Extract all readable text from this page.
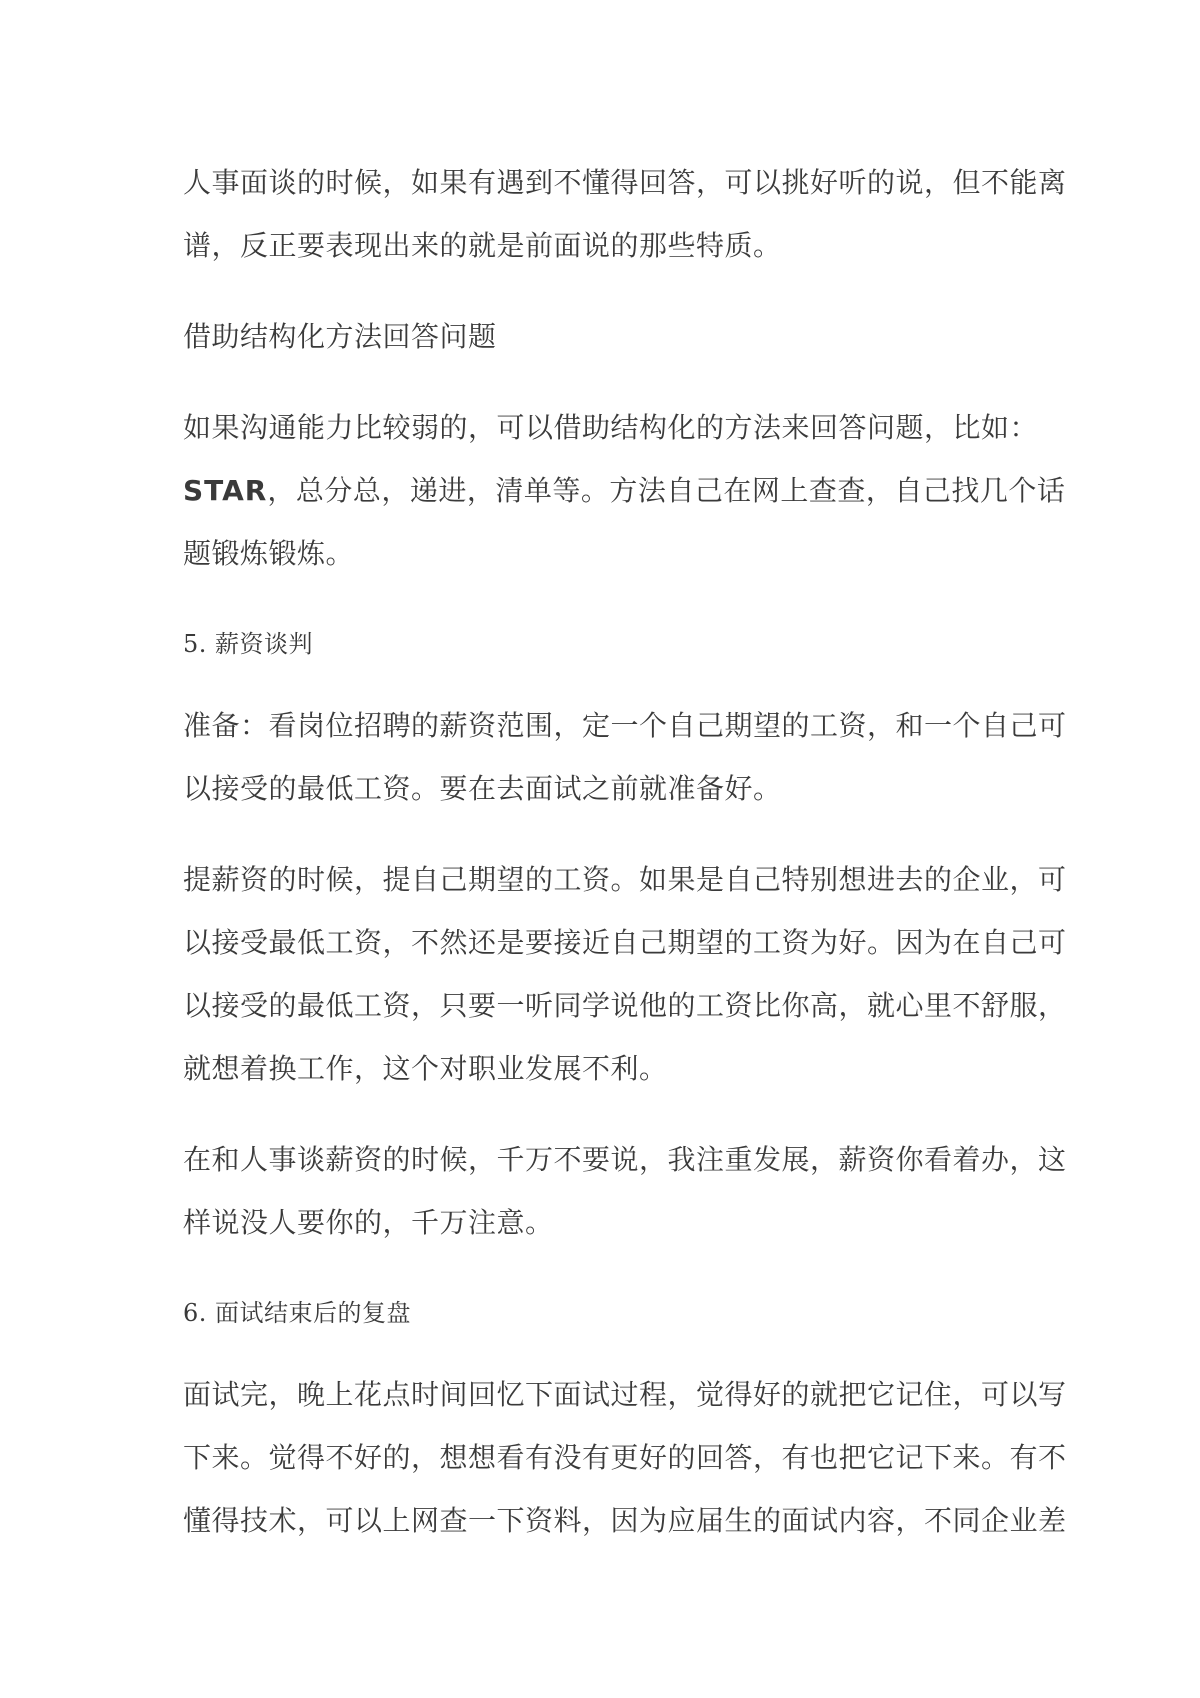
人事面谈的时候，如果有遇到不懂得回答，可以挑好听的说，但不能离
谱，反正要表现出来的就是前面说的那些特质。
借助结构化方法回答问题
如果沟通能力比较弱的，可以借助结构化的方法来回答问题，比如：
STAR，总分总，递进，清单等。方法自己在网上查查，自己找几个话
题锻炼锻炼。
5. 薪资谈判
准备：看岗位招聘的薪资范围，定一个自己期望的工资，和一个自己可
以接受的最低工资。要在去面试之前就准备好。
提薪资的时候，提自己期望的工资。如果是自己特别想进去的企业，可
以接受最低工资，不然还是要接近自己期望的工资为好。因为在自己可
以接受的最低工资，只要一听同学说他的工资比你高，就心里不舒服，
就想着换工作，这个对职业发展不利。
在和人事谈薪资的时候，千万不要说，我注重发展，薪资你看着办，这
样说没人要你的，千万注意。
6. 面试结束后的复盘
面试完，晚上花点时间回忆下面试过程，觉得好的就把它记住，可以写
下来。觉得不好的，想想看有没有更好的回答，有也把它记下来。有不
懂得技术，可以上网查一下资料，因为应届生的面试内容，不同企业差
